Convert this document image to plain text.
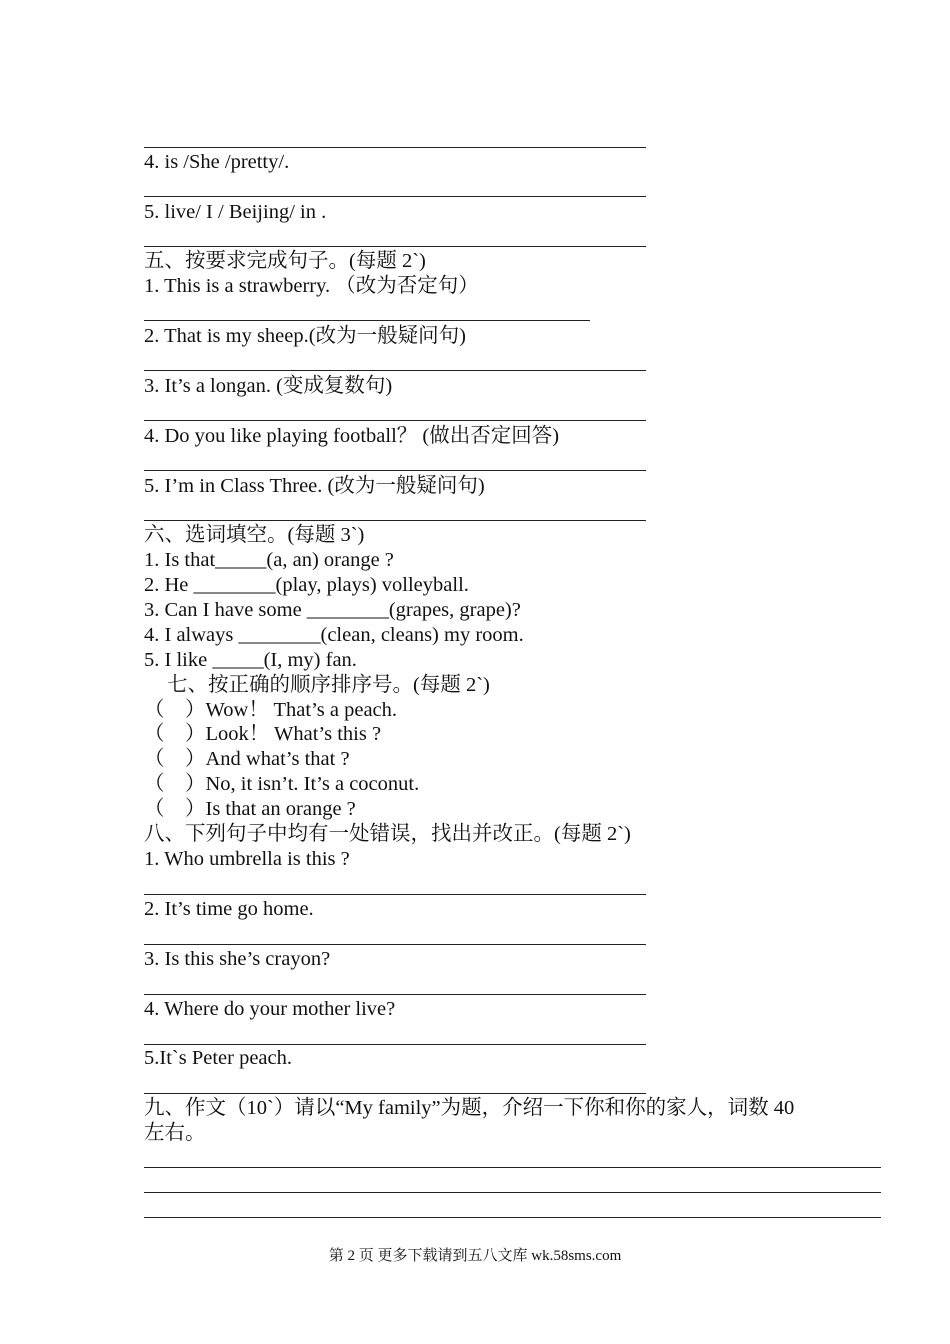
4. is /She /pretty/.

5. live/ I / Beijing/ in .

五、按要求完成句子。(每题 2`)

1. This is a strawberry. （改为否定句）

2. That is my sheep.(改为一般疑问句)

3. It’s a longan. (变成复数句)

4. Do you like playing football？ (做出否定回答)

5. I’m in Class Three. (改为一般疑问句)

六、选词填空。(每题 3`)

1. Is that_____(a, an) orange ?

2. He ________(play, plays) volleyball.

3. Can I have some ________(grapes, grape)?

4. I always ________(clean, cleans) my room.

5. I like _____(I, my) fan.

七、按正确的顺序排序号。(每题 2`)

（　）Wow！ That’s a peach.

（　）Look！ What’s this ?

（　）And what’s that ?

（　）No, it isn’t. It’s a coconut.

（　）Is that an orange ?

八、下列句子中均有一处错误，找出并改正。(每题 2`)

1. Who umbrella is this ?

2. It’s time go home.

3. Is this she’s crayon?

4. Where do your mother live?

5.It`s Peter peach.

九、作文（10`）请以“My family”为题，介绍一下你和你的家人，词数 40

左右。

第 2 页 更多下载请到五八文库 wk.58sms.com
